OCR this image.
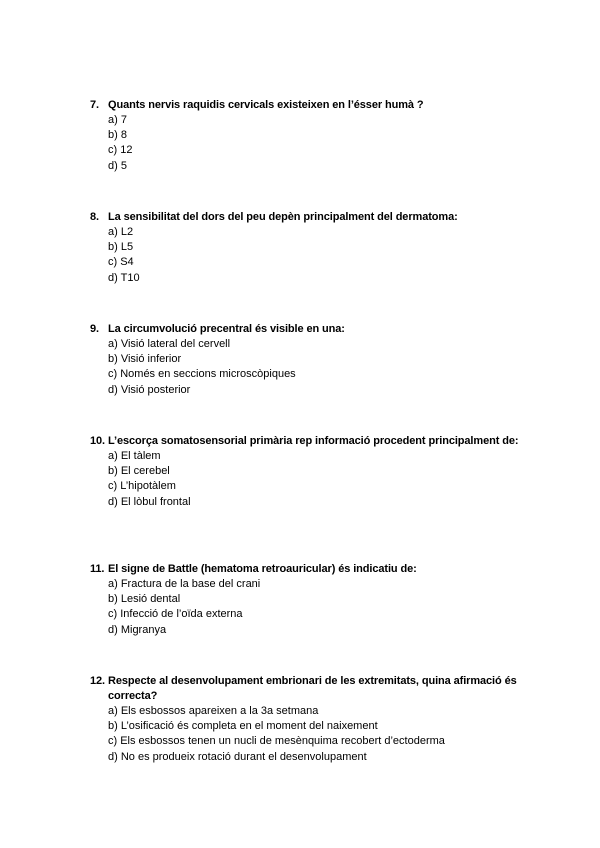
7. Quants nervis raquidis cervicals existeixen en l’ésser humà ?
a) 7
b) 8
c) 12
d) 5
8. La sensibilitat del dors del peu depèn principalment del dermatoma:
a) L2
b) L5
c) S4
d) T10
9. La circumvolució precentral és visible en una:
a) Visió lateral del cervell
b) Visió inferior
c) Només en seccions microscòpiques
d) Visió posterior
10. L’escorça somatosensorial primària rep informació procedent principalment de:
a) El tàlem
b) El cerebel
c) L’hipotàlem
d) El lòbul frontal
11. El signe de Battle (hematoma retroauricular) és indicatiu de:
a) Fractura de la base del crani
b) Lesió dental
c) Infecció de l’oïda externa
d) Migranya
12. Respecte al desenvolupament embrionari de les extremitats, quina afirmació és correcta?
a) Els esbossos apareixen a la 3a setmana
b) L’osificació és completa en el moment del naixement
c) Els esbossos tenen un nucli de mesènquima recobert d’ectoderma
d) No es produeix rotació durant el desenvolupament
